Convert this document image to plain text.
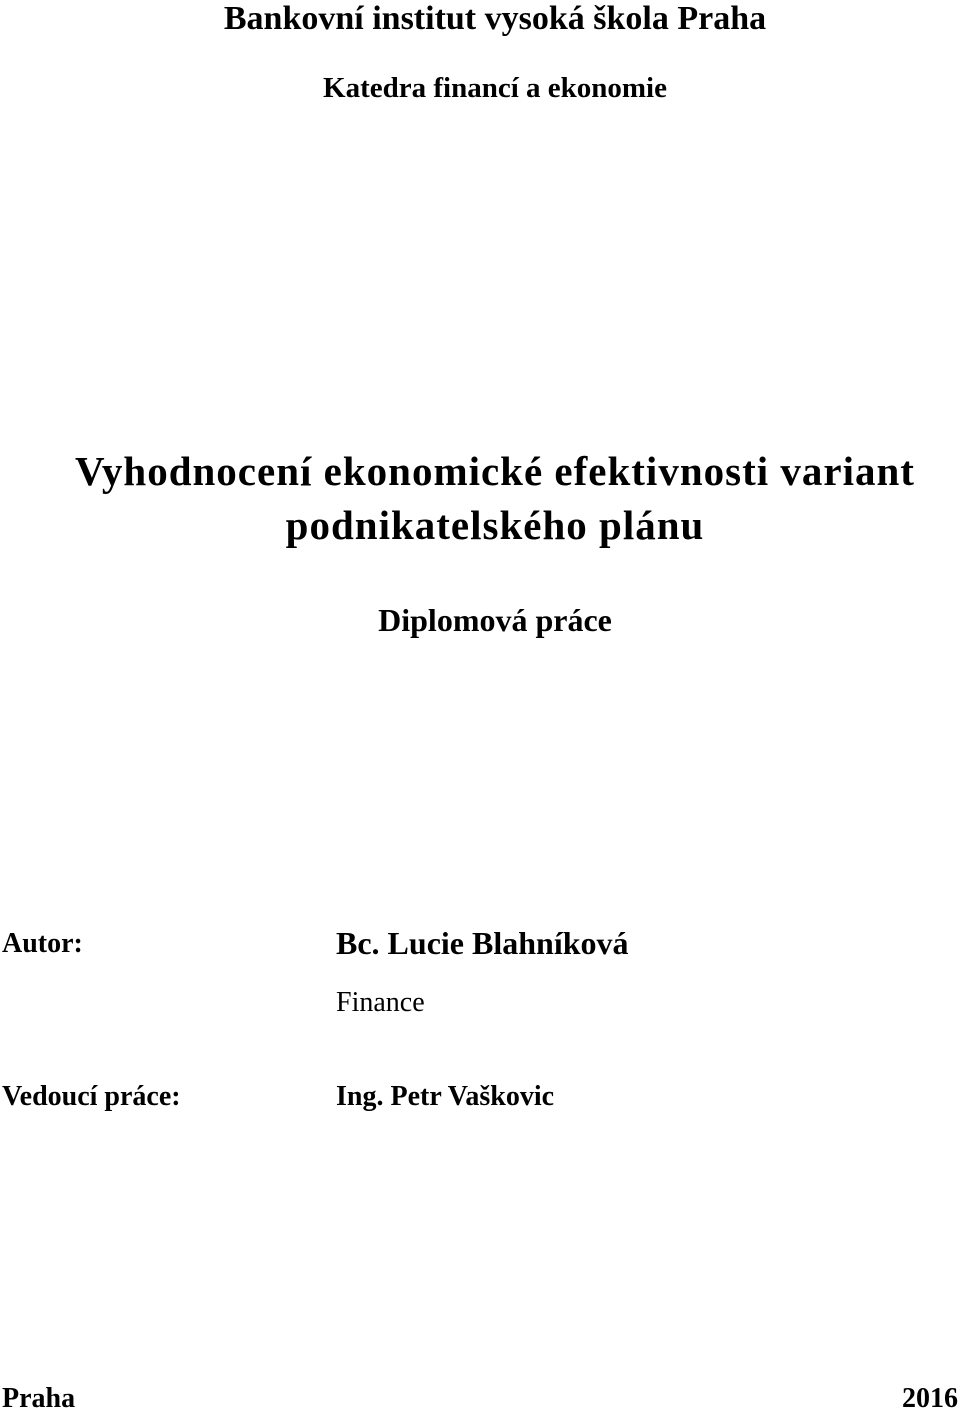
Bankovní institut vysoká škola Praha
Katedra financí a ekonomie
Vyhodnocení ekonomické efektivnosti variant
podnikatelského plánu
Diplomová práce
Autor:	Bc. Lucie Blahníková
Finance
Vedoucí práce:	Ing. Petr Vaškovic
Praha	2016
